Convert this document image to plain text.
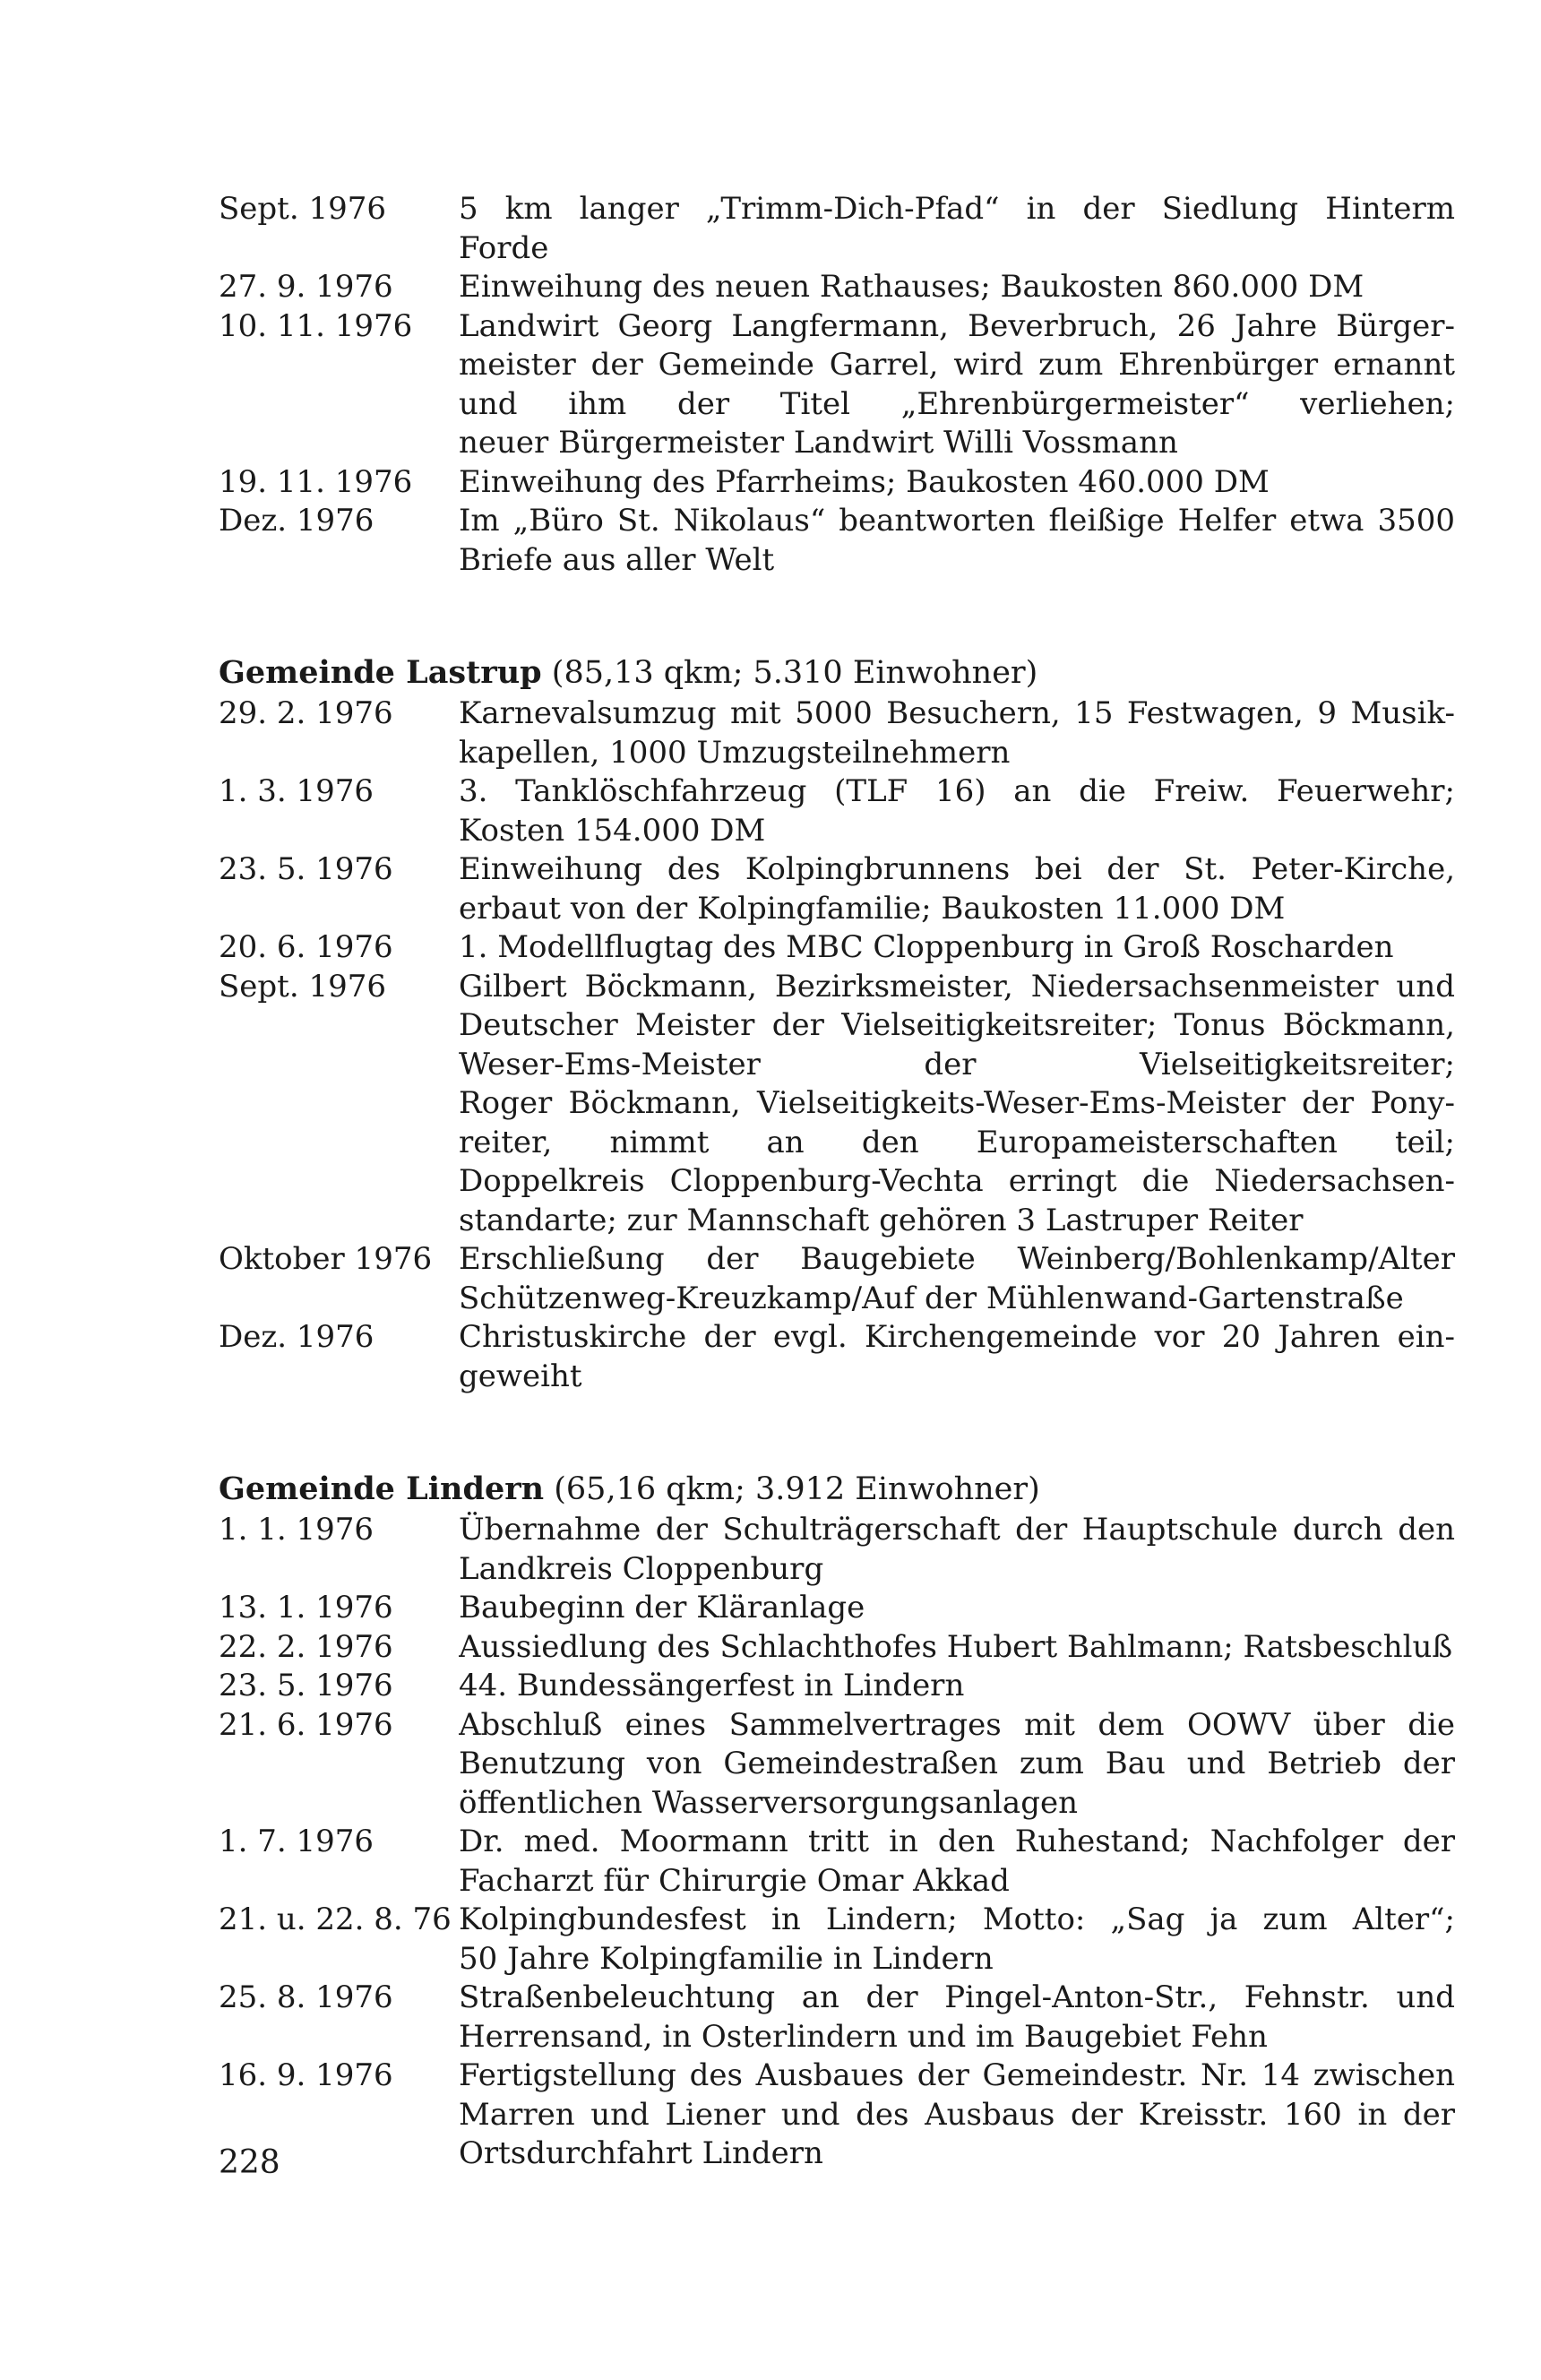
Sept. 1976	5 km langer „Trimm-Dich-Pfad“ in der Siedlung Hinterm
Forde
27. 9. 1976	Einweihung des neuen Rathauses; Baukosten 860.000 DM
10. 11. 1976	Landwirt Georg Langfermann, Beverbruch, 26 Jahre Bürger-
meister der Gemeinde Garrel, wird zum Ehrenbürger ernannt
und ihm der Titel „Ehrenbürgermeister“ verliehen;
neuer Bürgermeister Landwirt Willi Vossmann
19. 11. 1976	Einweihung des Pfarrheims; Baukosten 460.000 DM
Dez. 1976	Im „Büro St. Nikolaus“ beantworten fleißige Helfer etwa 3500
Briefe aus aller Welt
Gemeinde Lastrup (85,13 qkm; 5.310 Einwohner)
29. 2. 1976	Karnevalsumzug mit 5000 Besuchern, 15 Festwagen, 9 Musik-
kapellen, 1000 Umzugsteilnehmern
1. 3. 1976	3. Tanklöschfahrzeug (TLF 16) an die Freiw. Feuerwehr;
Kosten 154.000 DM
23. 5. 1976	Einweihung des Kolpingbrunnens bei der St. Peter-Kirche,
erbaut von der Kolpingfamilie; Baukosten 11.000 DM
20. 6. 1976	1. Modellflugtag des MBC Cloppenburg in Groß Roscharden
Sept. 1976	Gilbert Böckmann, Bezirksmeister, Niedersachsenmeister und
Deutscher Meister der Vielseitigkeitsreiter; Tonus Böckmann,
Weser-Ems-Meister der Vielseitigkeitsreiter;
Roger Böckmann, Vielseitigkeits-Weser-Ems-Meister der Pony-
reiter, nimmt an den Europameisterschaften teil;
Doppelkreis Cloppenburg-Vechta erringt die Niedersachsen-
standarte; zur Mannschaft gehören 3 Lastruper Reiter
Oktober 1976 Erschließung der Baugebiete Weinberg/Bohlenkamp/Alter
Schützenweg-Kreuzkamp/Auf der Mühlenwand-Gartenstraße
Dez. 1976	Christuskirche der evgl. Kirchengemeinde vor 20 Jahren ein-
geweiht
Gemeinde Lindern (65,16 qkm; 3.912 Einwohner)
1. 1. 1976	Übernahme der Schulträgerschaft der Hauptschule durch den
Landkreis Cloppenburg
13. 1. 1976	Baubeginn der Kläranlage
22. 2. 1976	Aussiedlung des Schlachthofes Hubert Bahlmann; Ratsbeschluß
23. 5. 1976	44. Bundessängerfest in Lindern
21. 6. 1976	Abschluß eines Sammelvertrages mit dem OOWV über die
Benutzung von Gemeindestraßen zum Bau und Betrieb der
öffentlichen Wasserversorgungsanlagen
1. 7. 1976	Dr. med. Moormann tritt in den Ruhestand; Nachfolger der
Facharzt für Chirurgie Omar Akkad
21. u. 22. 8. 76 Kolpingbundesfest in Lindern; Motto: „Sag ja zum Alter“;
50 Jahre Kolpingfamilie in Lindern
25. 8. 1976	Straßenbeleuchtung an der Pingel-Anton-Str., Fehnstr. und
Herrensand, in Osterlindern und im Baugebiet Fehn
16. 9. 1976	Fertigstellung des Ausbaues der Gemeindestr. Nr. 14 zwischen
Marren und Liener und des Ausbaus der Kreisstr. 160 in der
Ortsdurchfahrt Lindern
228
